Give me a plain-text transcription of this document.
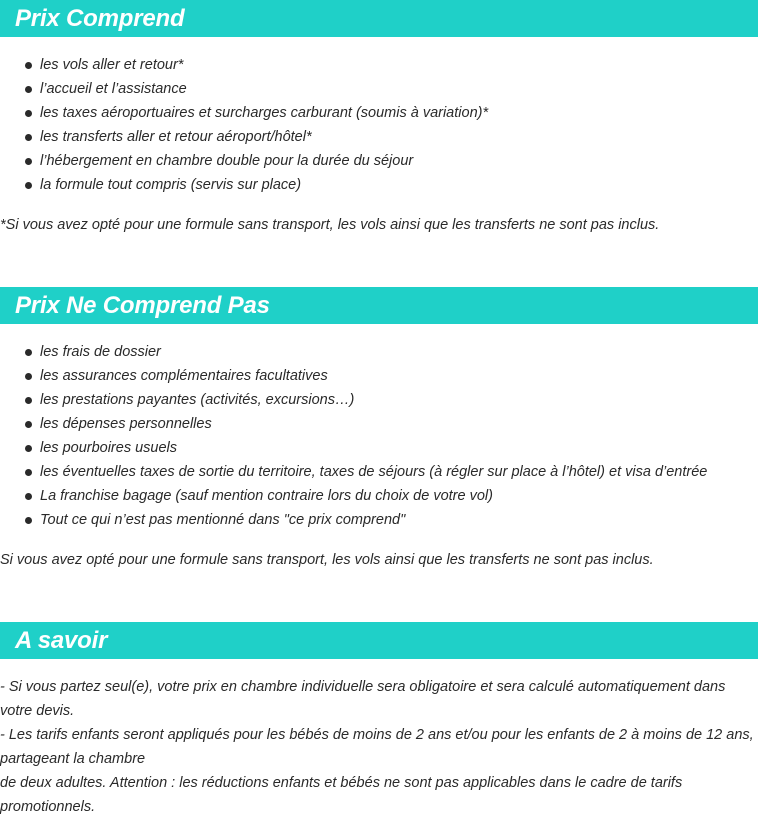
Prix Comprend
les vols aller et retour*
l’accueil et l’assistance
les taxes aéroportuaires et surcharges carburant (soumis à variation)*
les transferts aller et retour aéroport/hôtel*
l’hébergement en chambre double pour la durée du séjour
la formule tout compris (servis sur place)

*Si vous avez opté pour une formule sans transport, les vols ainsi que les transferts ne sont pas inclus.

Prix Ne Comprend Pas
les frais de dossier
les assurances complémentaires facultatives
les prestations payantes (activités, excursions…)
les dépenses personnelles
les pourboires usuels
les éventuelles taxes de sortie du territoire, taxes de séjours (à régler sur place à l’hôtel) et visa d’entrée
La franchise bagage (sauf mention contraire lors du choix de votre vol)
Tout ce qui n’est pas mentionné dans "ce prix comprend"

Si vous avez opté pour une formule sans transport, les vols ainsi que les transferts ne sont pas inclus.

A savoir

- Si vous partez seul(e), votre prix en chambre individuelle sera obligatoire et sera calculé automatiquement dans votre devis.

- Les tarifs enfants seront appliqués pour les bébés de moins de 2 ans et/ou pour les enfants de 2 à moins de 12 ans, partageant la chambre

de deux adultes. Attention : les réductions enfants et bébés ne sont pas applicables dans le cadre de tarifs promotionnels.
